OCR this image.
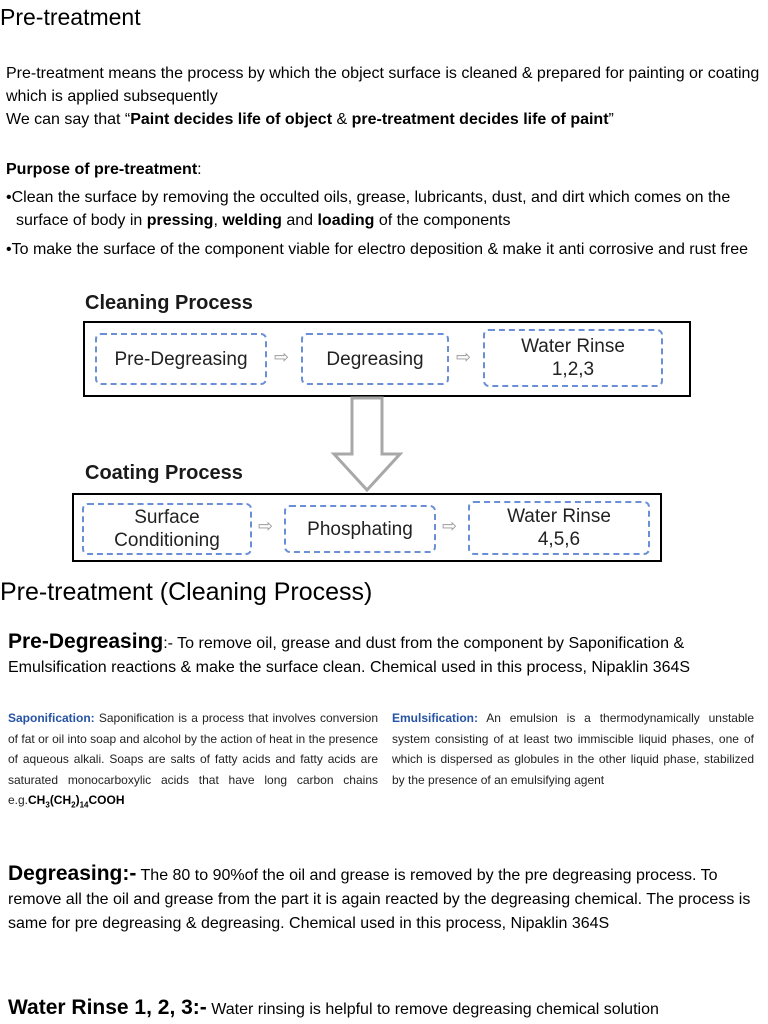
Pre-treatment
Pre-treatment means the process by which the object surface is cleaned & prepared for painting or coating which is applied subsequently
We can say that “Paint decides life of object & pre-treatment decides life of paint”
Purpose of pre-treatment:
•Clean the surface by removing the occulted oils, grease, lubricants, dust, and dirt which comes on the surface of body in pressing, welding and loading of the components
•To make the surface of the component viable for electro deposition & make it anti corrosive and rust free
Cleaning Process
Pre-Degreasing	⇨	Degreasing	⇨	Water Rinse
1,2,3
Coating Process
Surface
Conditioning
⇨	Phosphating	⇨	Water Rinse
4,5,6
Pre-treatment (Cleaning Process)
Pre-Degreasing:- To remove oil, grease and dust from the component by Saponification & Emulsification reactions & make the surface clean. Chemical used in this process, Nipaklin 364S
Saponification: Saponification is a process that involves conversion of fat or oil into soap and alcohol by the action of heat in the presence of aqueous alkali. Soaps are salts of fatty acids and fatty acids are saturated monocarboxylic acids that have long carbon chains $e.g.CH_3(CH_2)_{14}COOH$
Emulsification: An emulsion is a thermodynamically unstable system consisting of at least two immiscible liquid phases, one of which is dispersed as globules in the other liquid phase, stabilized by the presence of an emulsifying agent
Degreasing:- The 80 to 90%of the oil and grease is removed by the pre degreasing process. To remove all the oil and grease from the part it is again reacted by the degreasing chemical. The process is same for pre degreasing & degreasing. Chemical used in this process, Nipaklin 364S
Water Rinse 1, 2, 3:- Water rinsing is helpful to remove degreasing chemical solution
